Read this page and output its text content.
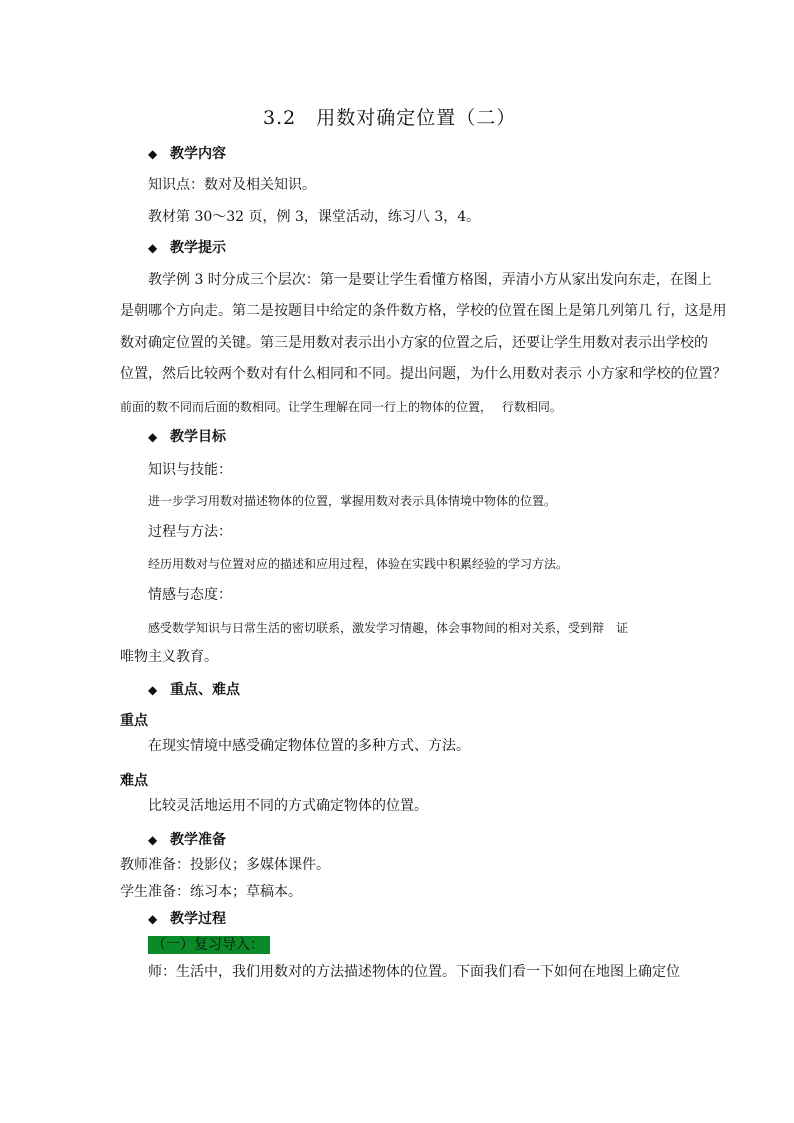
3.2　用数对确定位置（二）
◆ 教学内容
知识点：数对及相关知识。
教材第 30～32 页，例 3，课堂活动，练习八 3，4。
◆ 教学提示
教学例 3 时分成三个层次：第一是要让学生看懂方格图，弄清小方从家出发向东走，在图上
是朝哪个方向走。第二是按题目中给定的条件数方格，学校的位置在图上是第几列第几 行，这是用
数对确定位置的关键。第三是用数对表示出小方家的位置之后，还要让学生用数对表示出学校的
位置，然后比较两个数对有什么相同和不同。提出问题，为什么用数对表示 小方家和学校的位置？
前面的数不同而后面的数相同。让学生理解在同一行上的物体的位置，　 行数相同。
◆ 教学目标
知识与技能：
进一步学习用数对描述物体的位置，掌握用数对表示具体情境中物体的位置。
过程与方法：
经历用数对与位置对应的描述和应用过程，体验在实践中积累经验的学习方法。
情感与态度：
感受数学知识与日常生活的密切联系，激发学习情趣，体会事物间的相对关系，受到辩　证
唯物主义教育。
◆ 重点、难点
重点
在现实情境中感受确定物体位置的多种方式、方法。
难点
比较灵活地运用不同的方式确定物体的位置。
◆ 教学准备
教师准备：投影仪；多媒体课件。
学生准备：练习本；草稿本。
◆ 教学过程
（一）复习导入：
师：生活中，我们用数对的方法描述物体的位置。下面我们看一下如何在地图上确定位
